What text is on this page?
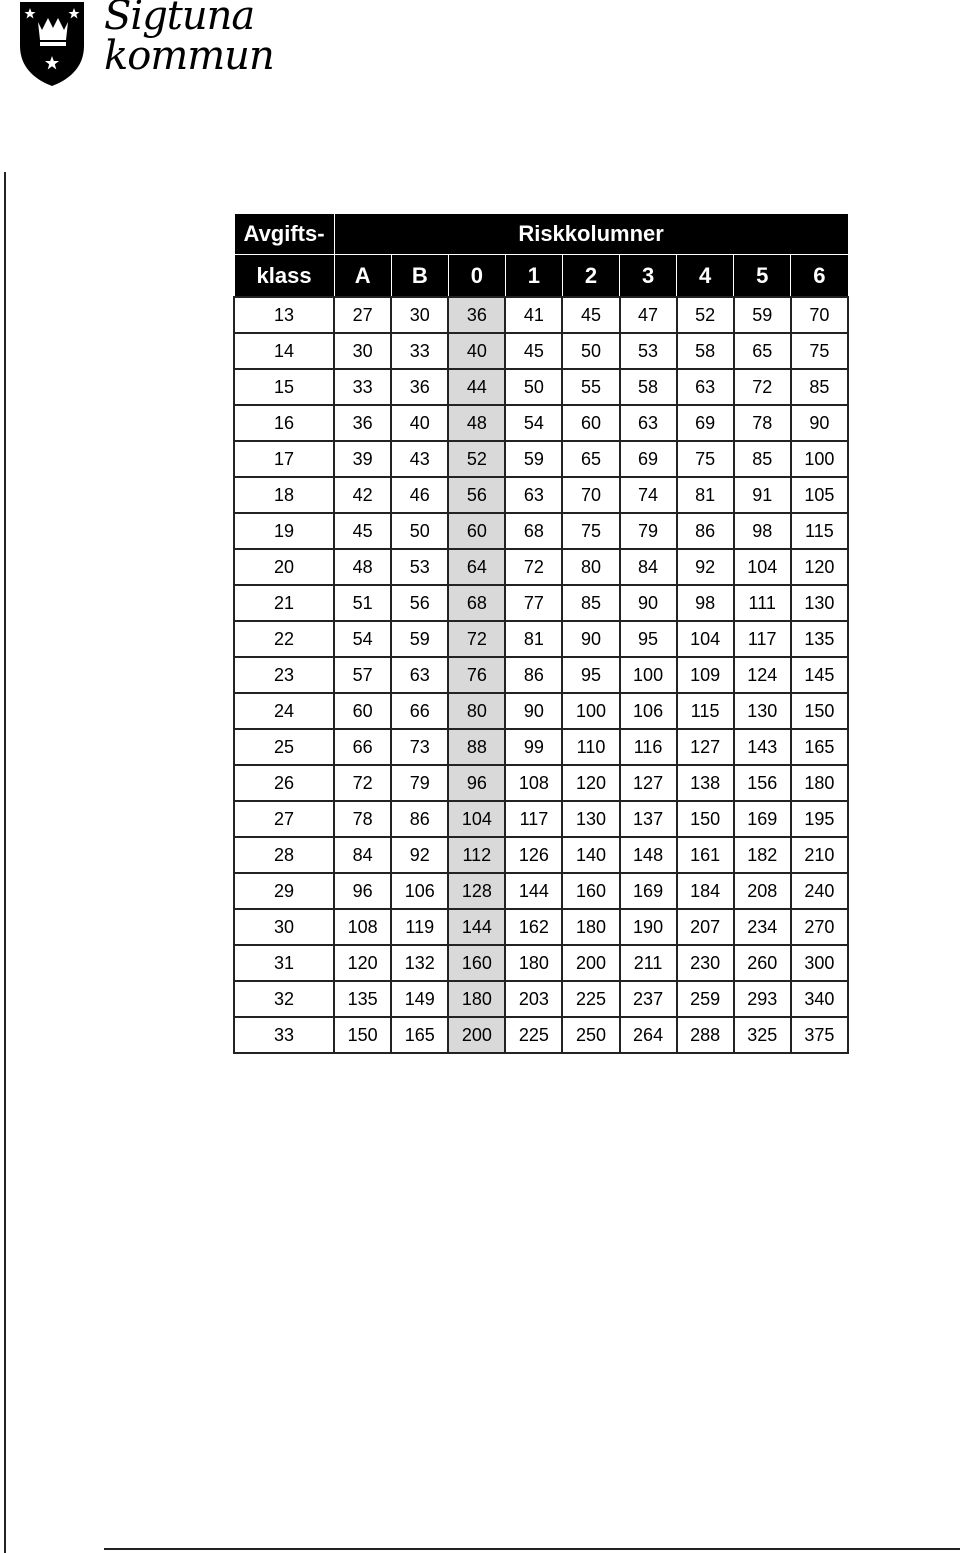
Sigtuna
kommun
Avgifts-	Riskkolumner								
klass	A	B	0	1	2	3	4	5	6
13	27	30	36	41	45	47	52	59	70
14	30	33	40	45	50	53	58	65	75
15	33	36	44	50	55	58	63	72	85
16	36	40	48	54	60	63	69	78	90
17	39	43	52	59	65	69	75	85	100
18	42	46	56	63	70	74	81	91	105
19	45	50	60	68	75	79	86	98	115
20	48	53	64	72	80	84	92	104	120
21	51	56	68	77	85	90	98	111	130
22	54	59	72	81	90	95	104	117	135
23	57	63	76	86	95	100	109	124	145
24	60	66	80	90	100	106	115	130	150
25	66	73	88	99	110	116	127	143	165
26	72	79	96	108	120	127	138	156	180
27	78	86	104	117	130	137	150	169	195
28	84	92	112	126	140	148	161	182	210
29	96	106	128	144	160	169	184	208	240
30	108	119	144	162	180	190	207	234	270
31	120	132	160	180	200	211	230	260	300
32	135	149	180	203	225	237	259	293	340
33	150	165	200	225	250	264	288	325	375
